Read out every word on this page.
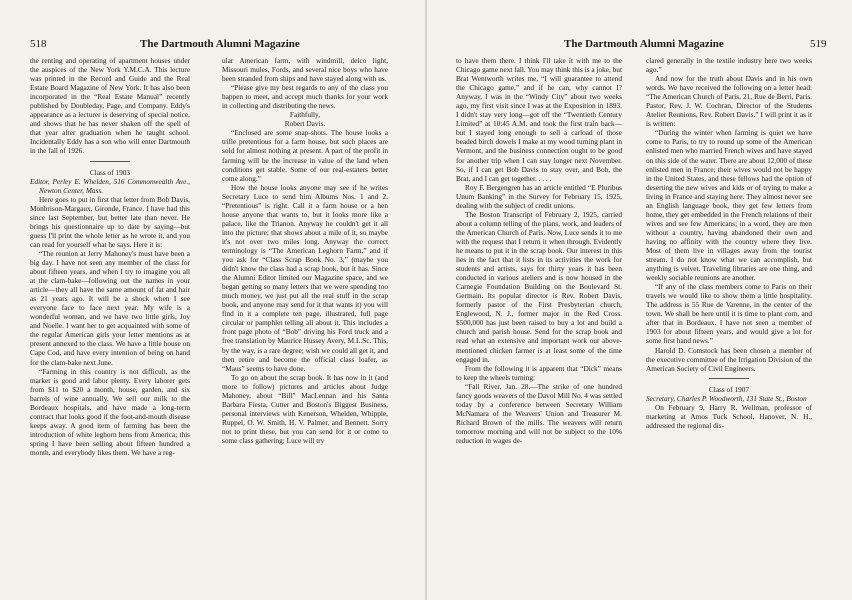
518	The Dartmouth Alumni Magazine

the renting and operating of apartment houses under the auspices of the New York Y.M.C.A. This lecture was printed in the Record and Guide and the Real Estate Board Magazine of New York. It has also been incorporated in the “Real Estate Manual” recently published by Doubleday, Page, and Company. Eddy's appearance as a lecturer is deserving of special notice, and shows that he has never shaken off the spell of that year after graduation when he taught school. Incidentally Eddy has a son who will enter Dartmouth in the fall of 1926.

Class of 1903

Editor, Perley E. Whelden, 516 Commonwealth Ave., Newton Center, Mass.

Here goes to put in first that letter from Bob Davis, Monbrison-Margaux, Gironde, France. I have had this since last September, but better late than never. He brings his questionnaire up to date by saying—but guess I'll print the whole letter as he wrote it, and you can read for yourself what he says. Here it is:

“The reunion at Jerry Mahoney's must have been a big day. I have not seen any member of the class for about fifteen years, and when I try to imagine you all at the clam-bake—following out the names in your article—they all have the same amount of fat and hair as 21 years ago. It will be a shock when I see everyone face to face next year. My wife is a wonderful woman, and we have two little girls, Joy and Noelle. I want her to get acquainted with some of the regular American girls your letter mentions as at present annexed to the class. We have a little house on Cape Cod, and have every intention of being on hand for the clam-bake next June.

“Farming in this country is not difficult, as the market is good and labor plenty. Every laborer gets from $11 to $20 a month, house, garden, and six barrels of wine annually. We sell our milk to the Bordeaux hospitals, and have made a long-term contract that looks good if the foot-and-mouth disease keeps away. A good item of farming has been the introduction of white leghorn hens from America; this spring I have been selling about fifteen hundred a month, and everybody likes them. We have a reg-

ular American farm, with windmill, delco light, Missouri mules, Fords, and several nice boys who have been stranded from ships and have stayed along with us.

“Please give my best regards to any of the class you happen to meet, and accept much thanks for your work in collecting and distributing the news.

Faithfully,

Robert Davis.

“Enclosed are some snap-shots. The house looks a trifle pretentious for a farm house, but such places are sold for almost nothing at present. A part of the profit in farming will be the increase in value of the land when conditions get stable. Some of our real-estaters better come along.”

How the house looks anyone may see if he writes Secretary Luce to send him Albums Nos. 1 and 2. “Pretentious” is right. Call it a farm house or a hen house anyone that wants to, but it looks more like a palace, like the Trianon. Anyway he couldn't get it all into the picture; that shows about a mile of it, so maybe it's not over two miles long. Anyway the correct terminology is “The American Leghorn Farm,” and if you ask for “Class Scrap Book No. 3,” (maybe you didn't know the class had a scrap book, but it has. Since the Alumni Editor limited our Magazine space, and we began getting so many letters that we were spending too much money, we just put all the real stuff in the scrap book, and anyone may send for it that wants it) you will find in it a complete ten page, illustrated, full page circular or pamphlet telling all about it. This includes a front page photo of “Bob” driving his Ford truck and a free translation by Maurice Hussey Avery, M.L.Sc. This, by the way, is a rare degree; wish we could all get it, and then retire and become the official class loafer, as “Maus” seems to have done.

To go on about the scrap book. It has now in it (and more to follow) pictures and articles about Judge Mahoney, about “Bill” MacLennan and his Santa Barbara Fiesta, Cutter and Boston's Biggest Business, personal interviews with Kenerson, Whelden, Whipple, Ruppel, O. W. Smith, H. V. Palmer, and Bennett. Sorry not to print these, but you can send for it or come to some class gathering; Luce will try

The Dartmouth Alumni Magazine	519

to have them there. I think I'll take it with me to the Chicago game next fall. You may think this is a joke, but Brat Wentworth writes me, “I will guarantee to attend the Chicago game,” and if he can, why cannot I? Anyway, I was in the “Windy City” about two weeks ago, my first visit since I was at the Exposition in 1893. I didn't stay very long—got off the “Twentieth Century Limited” at 10:45 A.M. and took the first train back—but I stayed long enough to sell a carload of those beaded birch dowels I make at my wood turning plant in Vermont, and the business connection ought to be good for another trip when I can stay longer next November. So, if I can get Bob Davis to stay over, and Bob, the Brat, and I can get together. . . . .

Roy F. Bergengren has an article entitled “E Pluribus Unum Banking” in the Survey for February 15, 1925, dealing with the subject of credit unions.

The Boston Transcript of February 2, 1925, carried about a column telling of the plans, work, and leaders of the American Church of Paris. Now, Luce sends it to me with the request that I return it when through. Evidently he means to put it in the scrap book. Our interest in this lies in the fact that it lists in its activities the work for students and artists, says for thirty years it has been conducted in various ateliers and is now housed in the Carnegie Foundation Building on the Boulevard St. Germain. Its popular director is Rev. Robert Davis, formerly pastor of the First Presbyterian church, Englewood, N. J., former major in the Red Cross. $500,000 has just been raised to buy a lot and build a church and parish house. Send for the scrap book and read what an extensive and important work our above-mentioned chicken farmer is at least some of the time engaged in.

From the following it is apparent that “Dick” means to keep the wheels turning:

“Fall River, Jan. 28.—The strike of one hundred fancy goods weavers of the Davol Mill No. 4 was settled today by a conference between Secretary William McNamara of the Weavers' Union and Treasurer M. Richard Brown of the mills. The weavers will return tomorrow morning and will not be subject to the 10% reduction in wages de-

clared generally in the textile industry here two weeks ago.”

And now for the truth about Davis and in his own words. We have received the following on a letter head: “The American Church of Paris, 21, Rue de Berri, Paris. Pastor, Rev. J. W. Cochran, Director of the Students Atelier Reunions, Rev. Robert Davis.” I will print it as it is written:

“During the winter when farming is quiet we have come to Paris, to try to round up some of the American enlisted men who married French wives and have stayed on this side of the water. There are about 12,000 of these enlisted men in France; their wives would not be happy in the United States, and these fellows had the option of deserting the new wives and kids or of trying to make a living in France and staying here. They almost never see an English language book, they get few letters from home, they get embedded in the French relations of their wives and see few Americans; in a word, they are men without a country, having abandoned their own and having no affinity with the country where they live. Most of them live in villages away from the tourist stream. I do not know what we can accomplish, but anything is velvet. Traveling libraries are one thing, and weekly sociable reunions are another.

“If any of the class members come to Paris on their travels we would like to show them a little hospitality. The address is 55 Rue de Varenne, in the center of the town. We shall be here until it is time to plant corn, and after that in Bordeaux. I have not seen a member of 1903 for about fifteen years, and would give a lot for some first hand news.”

Harold D. Comstock has been chosen a member of the executive committee of the Irrigation Division of the American Society of Civil Engineers.

Class of 1907

Secretary, Charles P. Woodworth, 131 State St., Boston

On February 9, Harry R. Wellman, professor of marketing at Amos Tuck School, Hanover, N. H., addressed the regional dis-
